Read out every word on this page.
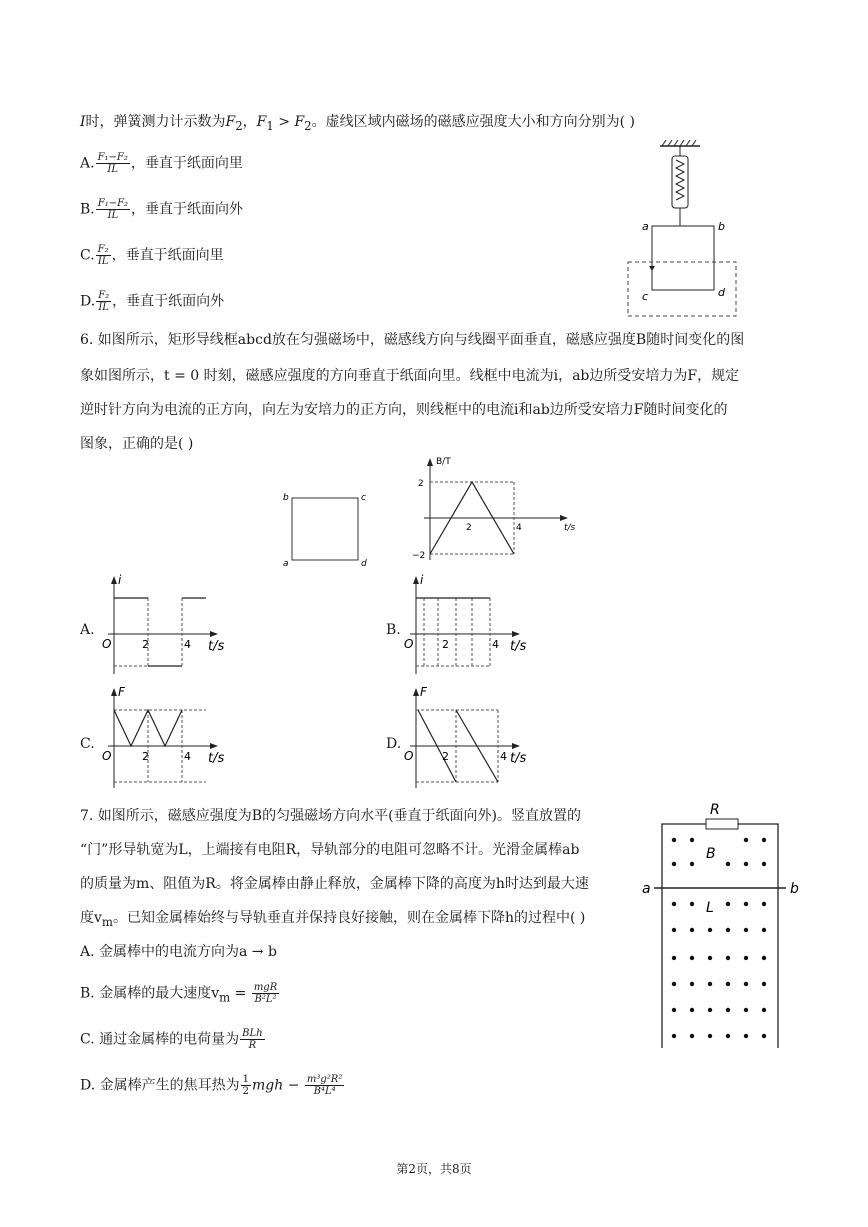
I时，弹簧测力计示数为$F_2$，$F_1 > F_2$。虚线区域内磁场的磁感应强度大小和方向分别为( )
A. $\frac{\text{F₁−F₂}}{IL}$ ，垂直于纸面向里
B. $\frac{\text{F₁−F₂}}{IL}$ ，垂直于纸面向外
C. $\frac{\text{F₂}}{IL}$ ，垂直于纸面向里
D. $\frac{\text{F₂}}{IL}$ ，垂直于纸面向外
a	b
c	d
6. 如图所示，矩形导线框abcd放在匀强磁场中，磁感线方向与线圈平面垂直，磁感应强度B随时间变化的图
象如图所示，t = 0 时刻，磁感应强度的方向垂直于纸面向里。线框中电流为i，ab边所受安培力为F，规定
逆时针方向为电流的正方向，向左为安培力的正方向，则线框中的电流i和ab边所受安培力F随时间变化的
图象，正确的是( )
b	c
a	d
B/T
t/s
2
−2
2	4
A.
i
O	2	4 t/s
B.
i
O	2	4 t/s
C.
F
O	2	4 t/s
D.
F
O	2	4 t/s
7. 如图所示，磁感应强度为B的匀强磁场方向水平(垂直于纸面向外)。竖直放置的
“门”形导轨宽为L，上端接有电阻R，导轨部分的电阻可忽略不计。光滑金属棒ab
的质量为m、阻值为R。将金属棒由静止释放，金属棒下降的高度为h时达到最大速
度$v_m$。已知金属棒始终与导轨垂直并保持良好接触，则在金属棒下降h的过程中( )
A. 金属棒中的电流方向为a → b
B. 金属棒的最大速度$v_m = \frac{\text{mgR}}{\text{B²L²}}$
C. 通过金属棒的电荷量为 $\frac{\text{BLh}}{R}$
D. 金属棒产生的焦耳热为 $\frac{1}{2}$ mgh − $\frac{\text{m³g²R²}}{\text{B⁴L⁴}}$
R
B
L
a	b
第2页，共8页
